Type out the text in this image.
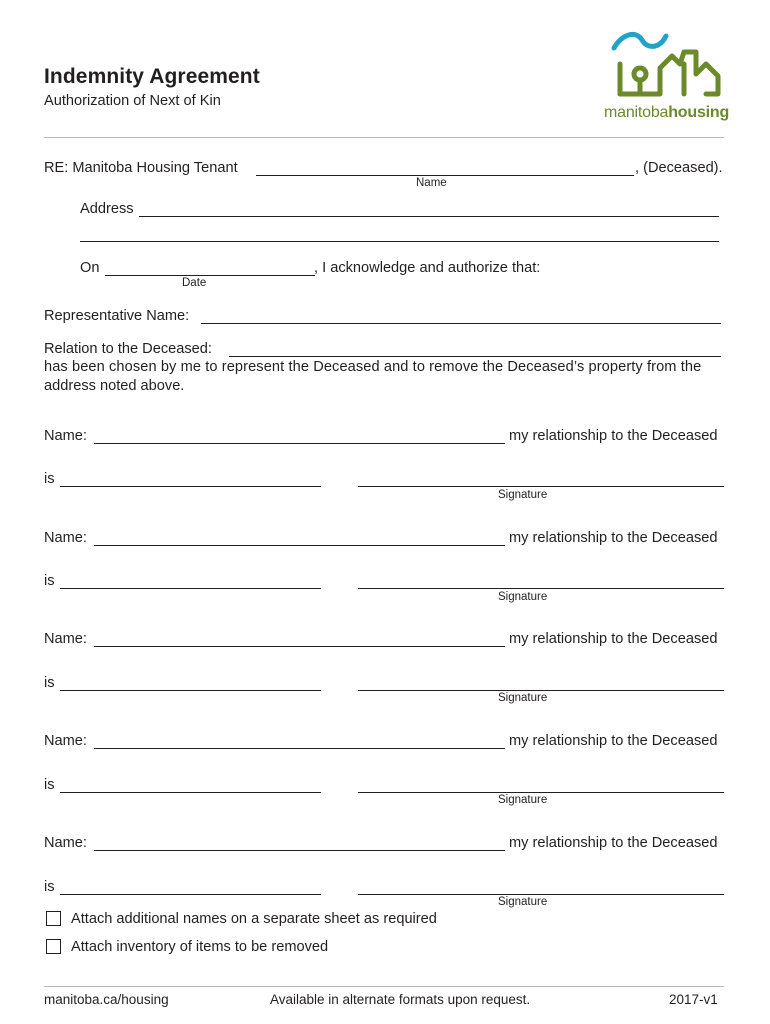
Indemnity Agreement
Authorization of Next of Kin
manitobahousing
RE: Manitoba Housing Tenant	, (Deceased).
Name
Address
On	, I acknowledge and authorize that:
Date
Representative Name:
Relation to the Deceased:
has been chosen by me to represent the Deceased and to remove the Deceased’s property from the
address noted above.
Name:	my relationship to the Deceased
is
Signature
Name:	my relationship to the Deceased
is
Signature
Name:	my relationship to the Deceased
is
Signature
Name:	my relationship to the Deceased
is
Signature
Name:	my relationship to the Deceased
is
Signature
Attach additional names on a separate sheet as required
Attach inventory of items to be removed
manitoba.ca/housing	Available in alternate formats upon request.	2017-v1
